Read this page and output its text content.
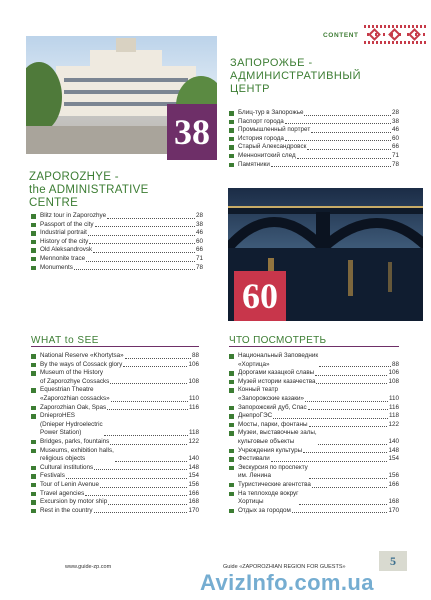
CONTENT
38
ZAPOROZHYE -
the ADMINISTRATIVE
CENTRE
Blitz tour in Zaporozhye	28
Passport of the city	38
Industrial portrait	46
History of the city	60
Old Aleksandrovsk	66
Mennonite trace	71
Monuments	78
ЗАПОРОЖЬЕ -
АДМИНИСТРАТИВНЫЙ
ЦЕНТР
Блиц-тур в Запорожье	28
Паспорт города	38
Промышленный портрет	46
История города	60
Старый Александровск	66
Меннонитский след	71
Памятники	78
60
WHAT to SEE
National Reserve «Khortytsa»	88
By the ways of Cossack glory	106
Museum of the History
of Zaporozhye Cossacks	108
Equestrian Theatre
«Zaporozhian cossacks»	110
Zaporozhian Oak, Spas	116
DnieproHES
(Dnieper Hydroelectric
Power Station)	118
Bridges, parks, fountains	122
Museums, exhibition halls,
religious objects	140
Cultural institutions	148
Festivals	154
Tour of Lenin Avenue	156
Travel agencies	166
Excursion by motor ship	168
Rest in the country	170
ЧТО ПОСМОТРЕТЬ
Национальный Заповедник
«Хортица»	88
Дорогами казацкой славы	106
Музей истории казачества	108
Конный театр
«Запорожские казаки»	110
Запорожский дуб, Спас	116
ДнепроГЭС	118
Мосты, парки, фонтаны	122
Музеи, выставочные залы,
культовые объекты	140
Учреждения культуры	148
Фестивали	154
Экскурсия по проспекту
им. Ленина	156
Туристические агентства	166
На теплоходе вокруг
Хортицы	168
Отдых за городом	170
www.guide-zp.com	Guide «ZAPOROZHIAN REGION FOR GUESTS»	5
AvizInfo.com.ua
